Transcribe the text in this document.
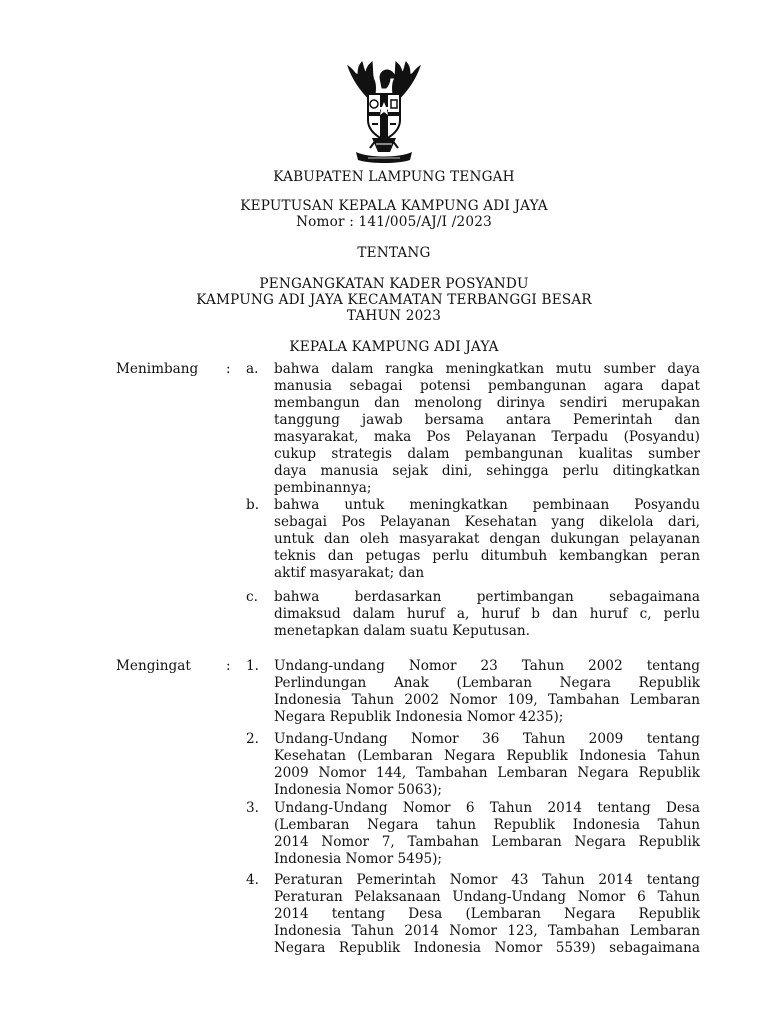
KABUPATEN LAMPUNG TENGAH
KEPUTUSAN KEPALA KAMPUNG ADI JAYA
Nomor : 141/005/AJ/I /2023
TENTANG
PENGANGKATAN KADER POSYANDU
KAMPUNG ADI JAYA KECAMATAN TERBANGGI BESAR
TAHUN 2023
KEPALA KAMPUNG ADI JAYA
Menimbang : a. bahwa dalam rangka meningkatkan mutu sumber daya
manusia sebagai potensi pembangunan agara dapat
membangun dan menolong dirinya sendiri merupakan
tanggung jawab bersama antara Pemerintah dan
masyarakat, maka Pos Pelayanan Terpadu (Posyandu)
cukup strategis dalam pembangunan kualitas sumber
daya manusia sejak dini, sehingga perlu ditingkatkan
pembinannya;
b. bahwa untuk meningkatkan pembinaan Posyandu
sebagai Pos Pelayanan Kesehatan yang dikelola dari,
untuk dan oleh masyarakat dengan dukungan pelayanan
teknis dan petugas perlu ditumbuh kembangkan peran
aktif masyarakat; dan
c. bahwa berdasarkan pertimbangan sebagaimana
dimaksud dalam huruf a, huruf b dan huruf c, perlu
menetapkan dalam suatu Keputusan.
Mengingat	: 1. Undang-undang Nomor 23 Tahun 2002 tentang
Perlindungan Anak (Lembaran Negara Republik
Indonesia Tahun 2002 Nomor 109, Tambahan Lembaran
Negara Republik Indonesia Nomor 4235);
2. Undang-Undang Nomor 36 Tahun 2009 tentang
Kesehatan (Lembaran Negara Republik Indonesia Tahun
2009 Nomor 144, Tambahan Lembaran Negara Republik
Indonesia Nomor 5063);
3. Undang-Undang Nomor 6 Tahun 2014 tentang Desa
(Lembaran Negara tahun Republik Indonesia Tahun
2014 Nomor 7, Tambahan Lembaran Negara Republik
Indonesia Nomor 5495);
4. Peraturan Pemerintah Nomor 43 Tahun 2014 tentang
Peraturan Pelaksanaan Undang-Undang Nomor 6 Tahun
2014 tentang Desa (Lembaran Negara Republik
Indonesia Tahun 2014 Nomor 123, Tambahan Lembaran
Negara Republik Indonesia Nomor 5539) sebagaimana
